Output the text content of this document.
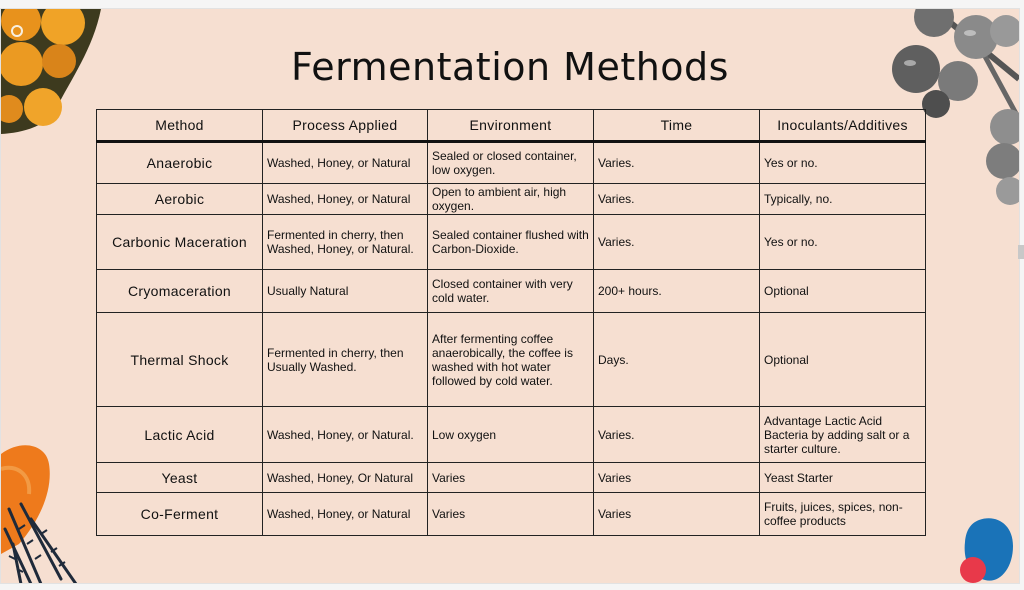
Fermentation Methods
Method	Process Applied	Environment	Time	Inoculants/Additives
Anaerobic	Washed, Honey, or Natural	Sealed or closed container, low oxygen.	Varies.	Yes or no.
Aerobic	Washed, Honey, or Natural	Open to ambient air, high oxygen.	Varies.	Typically, no.
Carbonic Maceration	Fermented in cherry, then Washed, Honey, or Natural.	Sealed container flushed with Carbon-Dioxide.	Varies.	Yes or no.
Cryomaceration	Usually Natural	Closed container with very cold water.	200+ hours.	Optional
Thermal Shock	Fermented in cherry, then Usually Washed.	After fermenting coffee anaerobically, the coffee is washed with hot water followed by cold water.	Days.	Optional
Lactic Acid	Washed, Honey, or Natural.	Low oxygen	Varies.	Advantage Lactic Acid Bacteria by adding salt or a starter culture.
Yeast	Washed, Honey, Or Natural	Varies	Varies	Yeast Starter
Co-Ferment	Washed, Honey, or Natural	Varies	Varies	Fruits, juices, spices, non-coffee products
